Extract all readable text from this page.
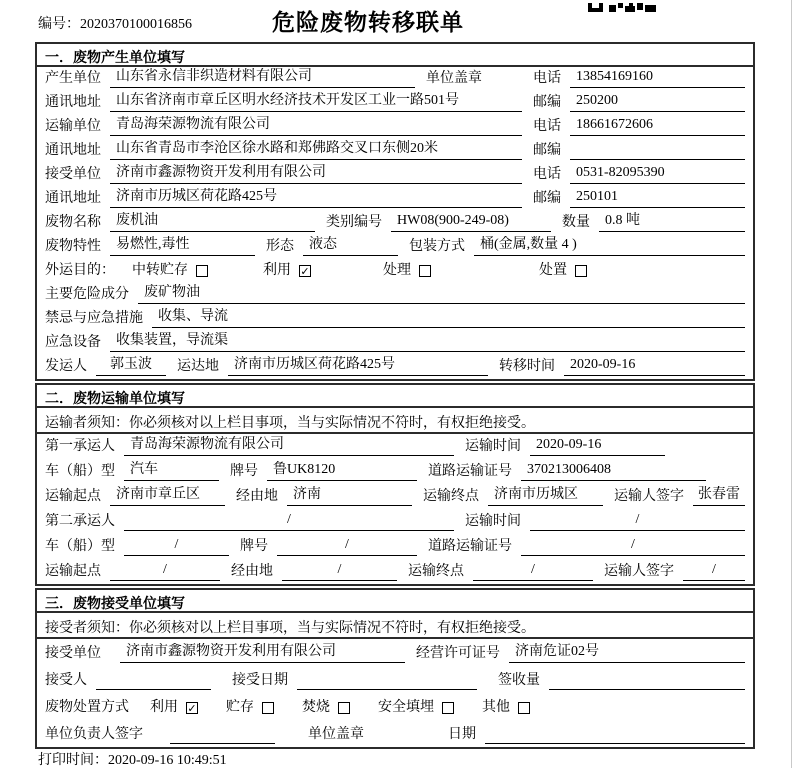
编号：2020370100016856	危险废物转移联单
一．废物产生单位填写
产生单位	山东省永信非织造材料有限公司	单位盖章	电话	13854169160
通讯地址	山东省济南市章丘区明水经济技术开发区工业一路501号	邮编	250200
运输单位	青岛海荣源物流有限公司	电话	18661672606
通讯地址	山东省青岛市李沧区徐水路和郑佛路交叉口东侧20米	邮编
接受单位	济南市鑫源物资开发利用有限公司	电话	0531-82095390
通讯地址	济南市历城区荷花路425号	邮编	250101
废物名称	废机油	类别编号	HW08(900-249-08)	数量	0.8 吨
废物特性	易燃性,毒性	形态	液态	包装方式	桶(金属,数量 4 )
外运目的： 中转贮存	利用 ✓	处理	处置
主要危险成分	废矿物油
禁忌与应急措施	收集、导流
应急设备	收集装置，导流渠
发运人	郭玉波	运达地	济南市历城区荷花路425号	转移时间	2020-09-16
二．废物运输单位填写
运输者须知：你必须核对以上栏目事项，当与实际情况不符时，有权拒绝接受。
第一承运人	青岛海荣源物流有限公司	运输时间	2020-09-16
车（船）型	汽车	牌号	鲁UK8120	道路运输证号	370213006408
运输起点	济南市章丘区	经由地	济南	运输终点	济南市历城区	运输人签字	张春雷
第二承运人	/	运输时间	/
车（船）型	/	牌号	/	道路运输证号	/
运输起点	/	经由地	/	运输终点	/	运输人签字	/
三．废物接受单位填写
接受者须知：你必须核对以上栏目事项，当与实际情况不符时，有权拒绝接受。
接受单位	济南市鑫源物资开发利用有限公司	经营许可证号	济南危证02号
接受人	接受日期	签收量
废物处置方式 利用 ✓ 贮存	焚烧	安全填埋	其他
单位负责人签字	单位盖章	日期
打印时间：2020-09-16 10:49:51
